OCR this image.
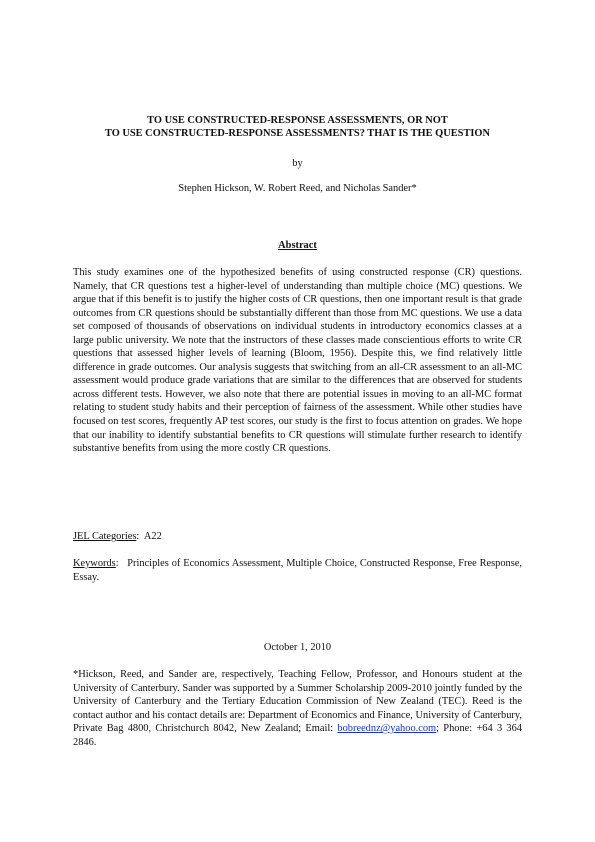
TO USE CONSTRUCTED-RESPONSE ASSESSMENTS, OR NOT
TO USE CONSTRUCTED-RESPONSE ASSESSMENTS? THAT IS THE QUESTION
by
Stephen Hickson, W. Robert Reed, and Nicholas Sander*
Abstract

This study examines one of the hypothesized benefits of using constructed response (CR) questions. Namely, that CR questions test a higher-level of understanding than multiple choice (MC) questions. We argue that if this benefit is to justify the higher costs of CR questions, then one important result is that grade outcomes from CR questions should be substantially different than those from MC questions. We use a data set composed of thousands of observations on individual students in introductory economics classes at a large public university. We note that the instructors of these classes made conscientious efforts to write CR questions that assessed higher levels of learning (Bloom, 1956). Despite this, we find relatively little difference in grade outcomes. Our analysis suggests that switching from an all-CR assessment to an all-MC assessment would produce grade variations that are similar to the differences that are observed for students across different tests. However, we also note that there are potential issues in moving to an all-MC format relating to student study habits and their perception of fairness of the assessment. While other studies have focused on test scores, frequently AP test scores, our study is the first to focus attention on grades. We hope that our inability to identify substantial benefits to CR questions will stimulate further research to identify substantive benefits from using the more costly CR questions.

JEL Categories:  A22

Keywords:   Principles of Economics Assessment, Multiple Choice, Constructed Response, Free Response, Essay.

October 1, 2010

*Hickson, Reed, and Sander are, respectively, Teaching Fellow, Professor, and Honours student at the University of Canterbury. Sander was supported by a Summer Scholarship 2009-2010 jointly funded by the University of Canterbury and the Tertiary Education Commission of New Zealand (TEC). Reed is the contact author and his contact details are: Department of Economics and Finance, University of Canterbury, Private Bag 4800, Christchurch 8042, New Zealand; Email: bobreednz@yahoo.com; Phone: +64 3 364 2846.
